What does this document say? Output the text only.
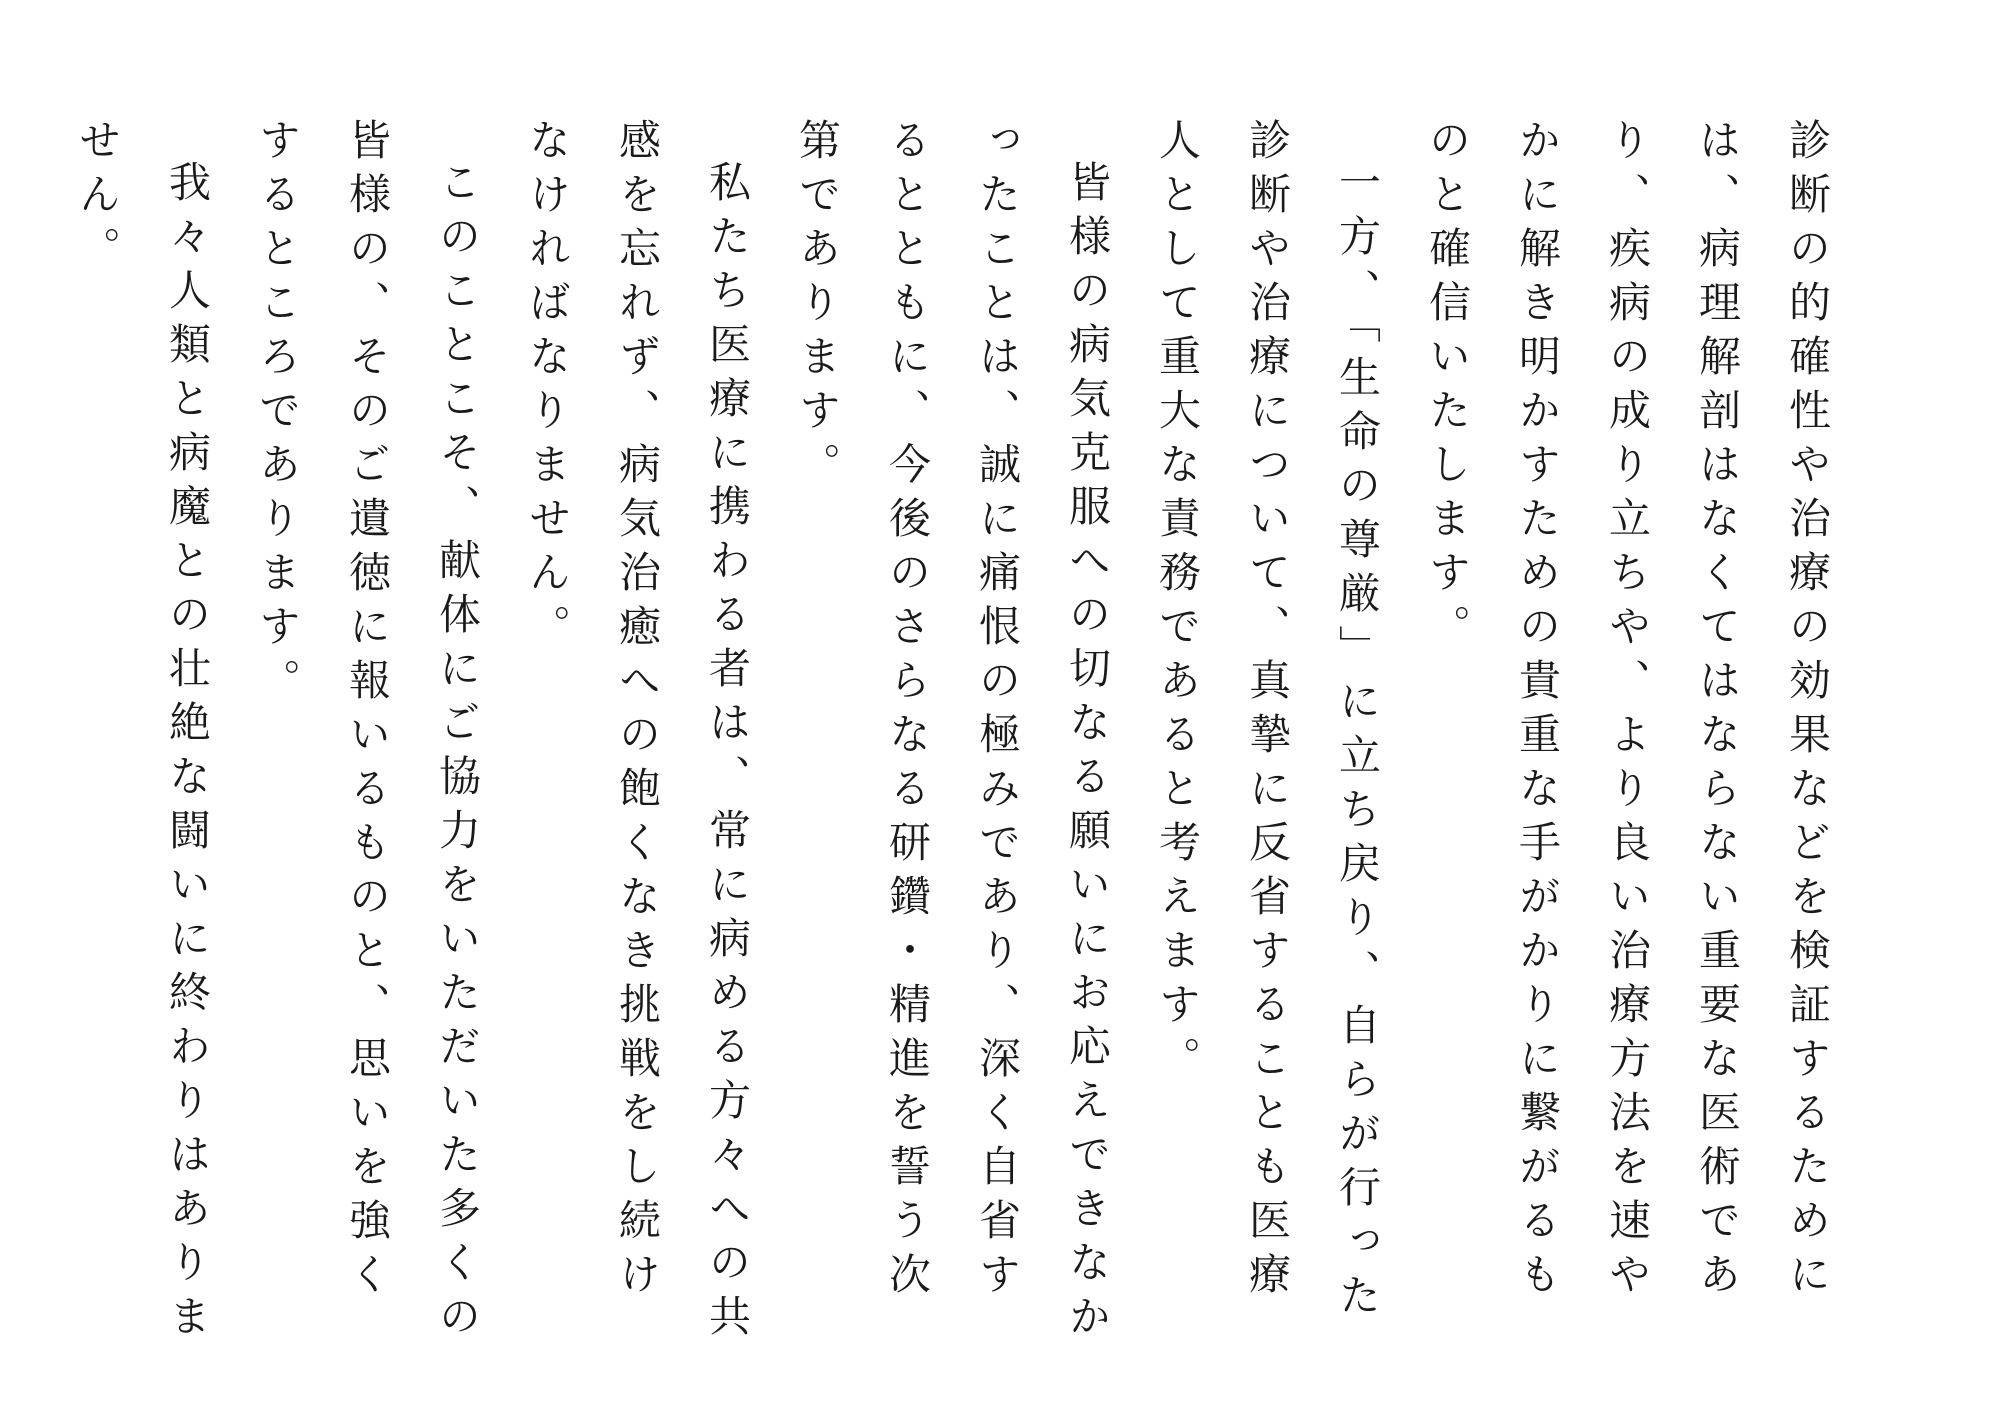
診断の的確性や治療の効果などを検証するためには、病理解剖はなくてはならない重要な医術であり、疾病の成り立ちや、より良い治療方法を速やかに解き明かすための貴重な手がかりに繋がるものと確信いたします。

一方、「生命の尊厳」に立ち戻り、自らが行った診断や治療について、真摯に反省することも医療人として重大な責務であると考えます。

皆様の病気克服への切なる願いにお応えできなかったことは、誠に痛恨の極みであり、深く自省するとともに、今後のさらなる研鑽・精進を誓う次第であります。

私たち医療に携わる者は、常に病める方々への共感を忘れず、病気治癒への飽くなき挑戦をし続けなければなりません。

このことこそ、献体にご協力をいただいた多くの皆様の、そのご遺徳に報いるものと、思いを強くするところであります。

我々人類と病魔との壮絶な闘いに終わりはありません。
